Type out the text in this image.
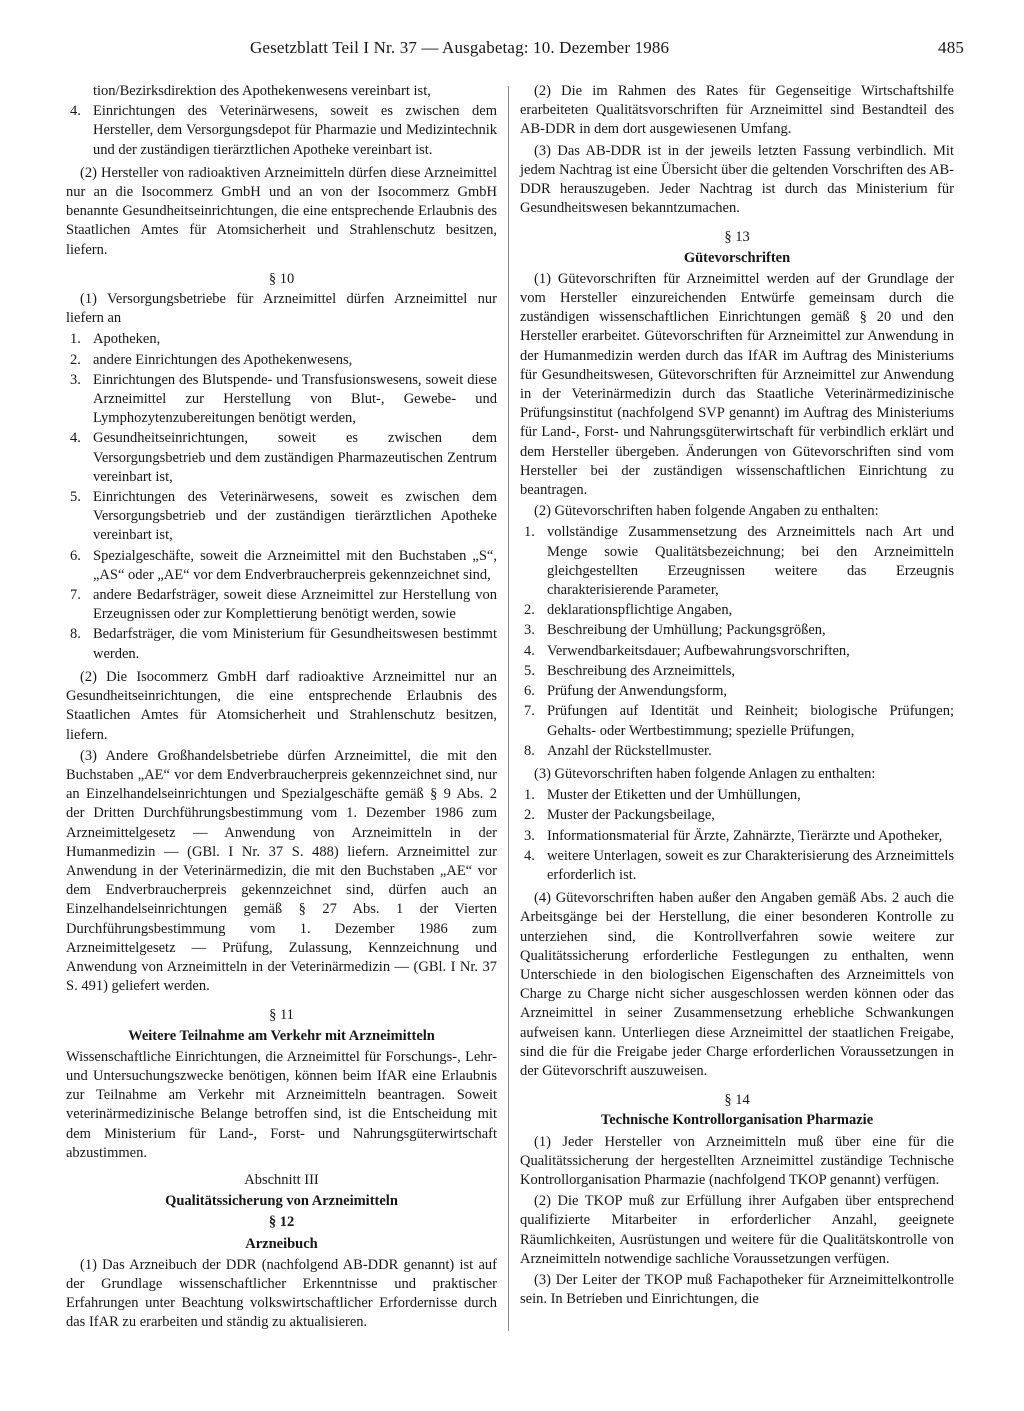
Gesetzblatt Teil I Nr. 37 — Ausgabetag: 10. Dezember 1986	485
tion/Bezirksdirektion des Apothekenwesens vereinbart ist,
4. Einrichtungen des Veterinärwesens, soweit es zwischen dem Hersteller, dem Versorgungsdepot für Pharmazie und Medizintechnik und der zuständigen tierärztlichen Apotheke vereinbart ist.

(2) Hersteller von radioaktiven Arzneimitteln dürfen diese Arzneimittel nur an die Isocommerz GmbH und an von der Isocommerz GmbH benannte Gesundheitseinrichtungen, die eine entsprechende Erlaubnis des Staatlichen Amtes für Atomsicherheit und Strahlenschutz besitzen, liefern.

§ 10

(1) Versorgungsbetriebe für Arzneimittel dürfen Arzneimittel nur liefern an

1. Apotheken,
2. andere Einrichtungen des Apothekenwesens,
3. Einrichtungen des Blutspende- und Transfusionswesens, soweit diese Arzneimittel zur Herstellung von Blut-, Gewebe- und Lymphozytenzubereitungen benötigt werden,
4. Gesundheitseinrichtungen, soweit es zwischen dem Versorgungsbetrieb und dem zuständigen Pharmazeutischen Zentrum vereinbart ist,
5. Einrichtungen des Veterinärwesens, soweit es zwischen dem Versorgungsbetrieb und der zuständigen tierärztlichen Apotheke vereinbart ist,
6. Spezialgeschäfte, soweit die Arzneimittel mit den Buchstaben „S“, „AS“ oder „AE“ vor dem Endverbraucherpreis gekennzeichnet sind,
7. andere Bedarfsträger, soweit diese Arzneimittel zur Herstellung von Erzeugnissen oder zur Komplettierung benötigt werden, sowie
8. Bedarfsträger, die vom Ministerium für Gesundheitswesen bestimmt werden.

(2) Die Isocommerz GmbH darf radioaktive Arzneimittel nur an Gesundheitseinrichtungen, die eine entsprechende Erlaubnis des Staatlichen Amtes für Atomsicherheit und Strahlenschutz besitzen, liefern.

(3) Andere Großhandelsbetriebe dürfen Arzneimittel, die mit den Buchstaben „AE“ vor dem Endverbraucherpreis gekennzeichnet sind, nur an Einzelhandelseinrichtungen und Spezialgeschäfte gemäß § 9 Abs. 2 der Dritten Durchführungsbestimmung vom 1. Dezember 1986 zum Arzneimittelgesetz — Anwendung von Arzneimitteln in der Humanmedizin — (GBl. I Nr. 37 S. 488) liefern. Arzneimittel zur Anwendung in der Veterinärmedizin, die mit den Buchstaben „AE“ vor dem Endverbraucherpreis gekennzeichnet sind, dürfen auch an Einzelhandelseinrichtungen gemäß § 27 Abs. 1 der Vierten Durchführungsbestimmung vom 1. Dezember 1986 zum Arzneimittelgesetz — Prüfung, Zulassung, Kennzeichnung und Anwendung von Arzneimitteln in der Veterinärmedizin — (GBl. I Nr. 37 S. 491) geliefert werden.

§ 11
Weitere Teilnahme am Verkehr mit Arzneimitteln

Wissenschaftliche Einrichtungen, die Arzneimittel für Forschungs-, Lehr- und Untersuchungszwecke benötigen, können beim IfAR eine Erlaubnis zur Teilnahme am Verkehr mit Arzneimitteln beantragen. Soweit veterinärmedizinische Belange betroffen sind, ist die Entscheidung mit dem Ministerium für Land-, Forst- und Nahrungsgüterwirtschaft abzustimmen.

Abschnitt III
Qualitätssicherung von Arzneimitteln
§ 12
Arzneibuch

(1) Das Arzneibuch der DDR (nachfolgend AB-DDR genannt) ist auf der Grundlage wissenschaftlicher Erkenntnisse und praktischer Erfahrungen unter Beachtung volkswirtschaftlicher Erfordernisse durch das IfAR zu erarbeiten und ständig zu aktualisieren.

(2) Die im Rahmen des Rates für Gegenseitige Wirtschaftshilfe erarbeiteten Qualitätsvorschriften für Arzneimittel sind Bestandteil des AB-DDR in dem dort ausgewiesenen Umfang.

(3) Das AB-DDR ist in der jeweils letzten Fassung verbindlich. Mit jedem Nachtrag ist eine Übersicht über die geltenden Vorschriften des AB-DDR herauszugeben. Jeder Nachtrag ist durch das Ministerium für Gesundheitswesen bekanntzumachen.

§ 13
Gütevorschriften

(1) Gütevorschriften für Arzneimittel werden auf der Grundlage der vom Hersteller einzureichenden Entwürfe gemeinsam durch die zuständigen wissenschaftlichen Einrichtungen gemäß § 20 und den Hersteller erarbeitet. Gütevorschriften für Arzneimittel zur Anwendung in der Humanmedizin werden durch das IfAR im Auftrag des Ministeriums für Gesundheitswesen, Gütevorschriften für Arzneimittel zur Anwendung in der Veterinärmedizin durch das Staatliche Veterinärmedizinische Prüfungsinstitut (nachfolgend SVP genannt) im Auftrag des Ministeriums für Land-, Forst- und Nahrungsgüterwirtschaft für verbindlich erklärt und dem Hersteller übergeben. Änderungen von Gütevorschriften sind vom Hersteller bei der zuständigen wissenschaftlichen Einrichtung zu beantragen.

(2) Gütevorschriften haben folgende Angaben zu enthalten:

1. vollständige Zusammensetzung des Arzneimittels nach Art und Menge sowie Qualitätsbezeichnung; bei den Arzneimitteln gleichgestellten Erzeugnissen weitere das Erzeugnis charakterisierende Parameter,
2. deklarationspflichtige Angaben,
3. Beschreibung der Umhüllung; Packungsgrößen,
4. Verwendbarkeitsdauer; Aufbewahrungsvorschriften,
5. Beschreibung des Arzneimittels,
6. Prüfung der Anwendungsform,
7. Prüfungen auf Identität und Reinheit; biologische Prüfungen; Gehalts- oder Wertbestimmung; spezielle Prüfungen,
8. Anzahl der Rückstellmuster.

(3) Gütevorschriften haben folgende Anlagen zu enthalten:

1. Muster der Etiketten und der Umhüllungen,
2. Muster der Packungsbeilage,
3. Informationsmaterial für Ärzte, Zahnärzte, Tierärzte und Apotheker,
4. weitere Unterlagen, soweit es zur Charakterisierung des Arzneimittels erforderlich ist.

(4) Gütevorschriften haben außer den Angaben gemäß Abs. 2 auch die Arbeitsgänge bei der Herstellung, die einer besonderen Kontrolle zu unterziehen sind, die Kontrollverfahren sowie weitere zur Qualitätssicherung erforderliche Festlegungen zu enthalten, wenn Unterschiede in den biologischen Eigenschaften des Arzneimittels von Charge zu Charge nicht sicher ausgeschlossen werden können oder das Arzneimittel in seiner Zusammensetzung erhebliche Schwankungen aufweisen kann. Unterliegen diese Arzneimittel der staatlichen Freigabe, sind die für die Freigabe jeder Charge erforderlichen Voraussetzungen in der Gütevorschrift auszuweisen.

§ 14
Technische Kontrollorganisation Pharmazie

(1) Jeder Hersteller von Arzneimitteln muß über eine für die Qualitätssicherung der hergestellten Arzneimittel zuständige Technische Kontrollorganisation Pharmazie (nachfolgend TKOP genannt) verfügen.

(2) Die TKOP muß zur Erfüllung ihrer Aufgaben über entsprechend qualifizierte Mitarbeiter in erforderlicher Anzahl, geeignete Räumlichkeiten, Ausrüstungen und weitere für die Qualitätskontrolle von Arzneimitteln notwendige sachliche Voraussetzungen verfügen.

(3) Der Leiter der TKOP muß Fachapotheker für Arzneimittelkontrolle sein. In Betrieben und Einrichtungen, die
